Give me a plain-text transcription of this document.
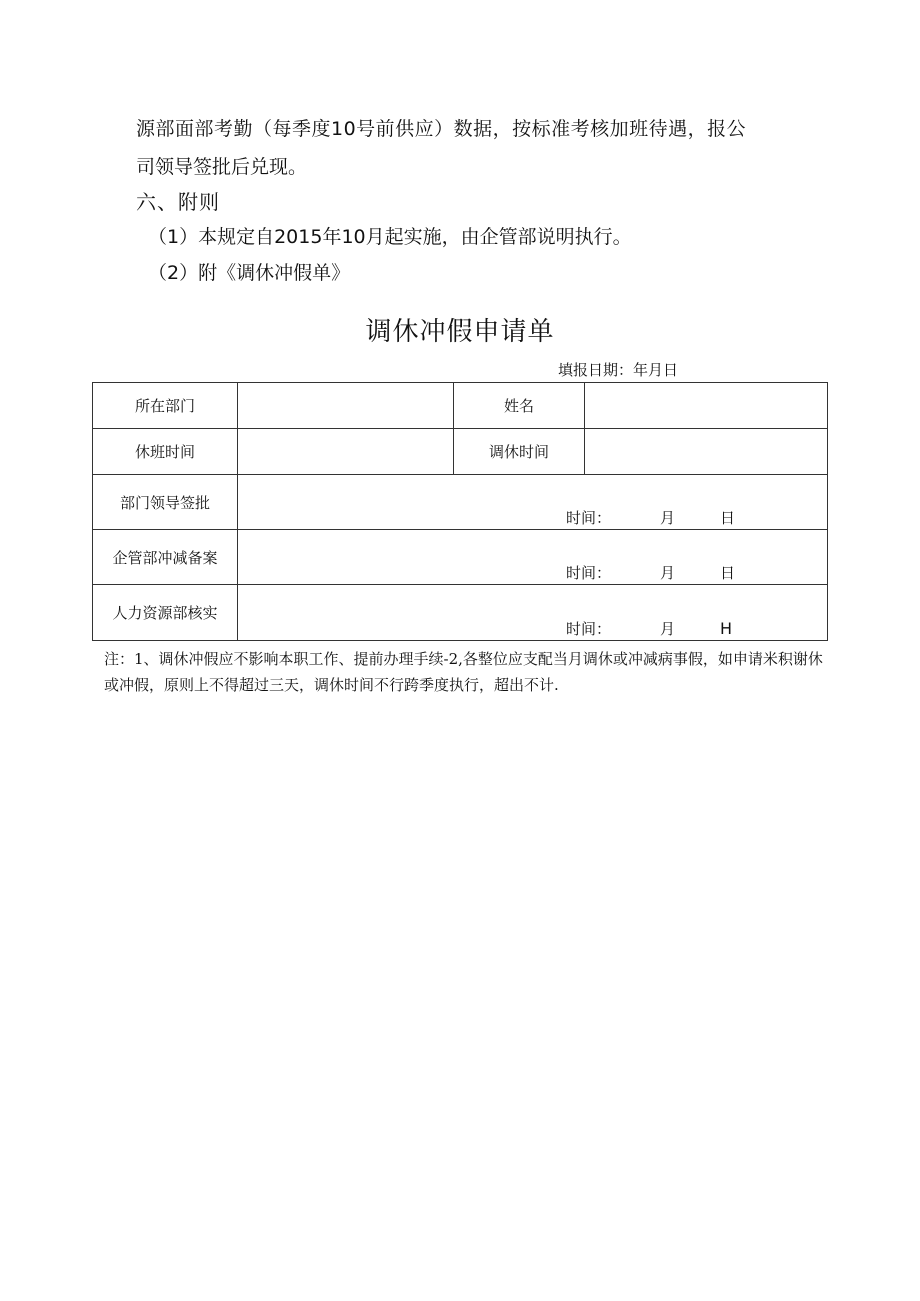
源部面部考勤（每季度10号前供应）数据，按标准考核加班待遇，报公
司领导签批后兑现。
六、附则
（1）本规定自2015年10月起实施，由企管部说明执行。
（2）附《调休冲假单》
调休冲假申请单
填报日期：年月日
所在部门		姓名	
休班时间		调休时间	
部门领导签批	时间： 月 日		

企管部冲减备案	时间： 月 日		

人力资源部核实	时间： 月 H		
注：1、调休冲假应不影响本职工作、提前办理手续-2,各整位应支配当月调休或冲减病事假，如申请米积谢休或冲假，原则上不得超过三天，调休时间不行跨季度执行，超出不计.
